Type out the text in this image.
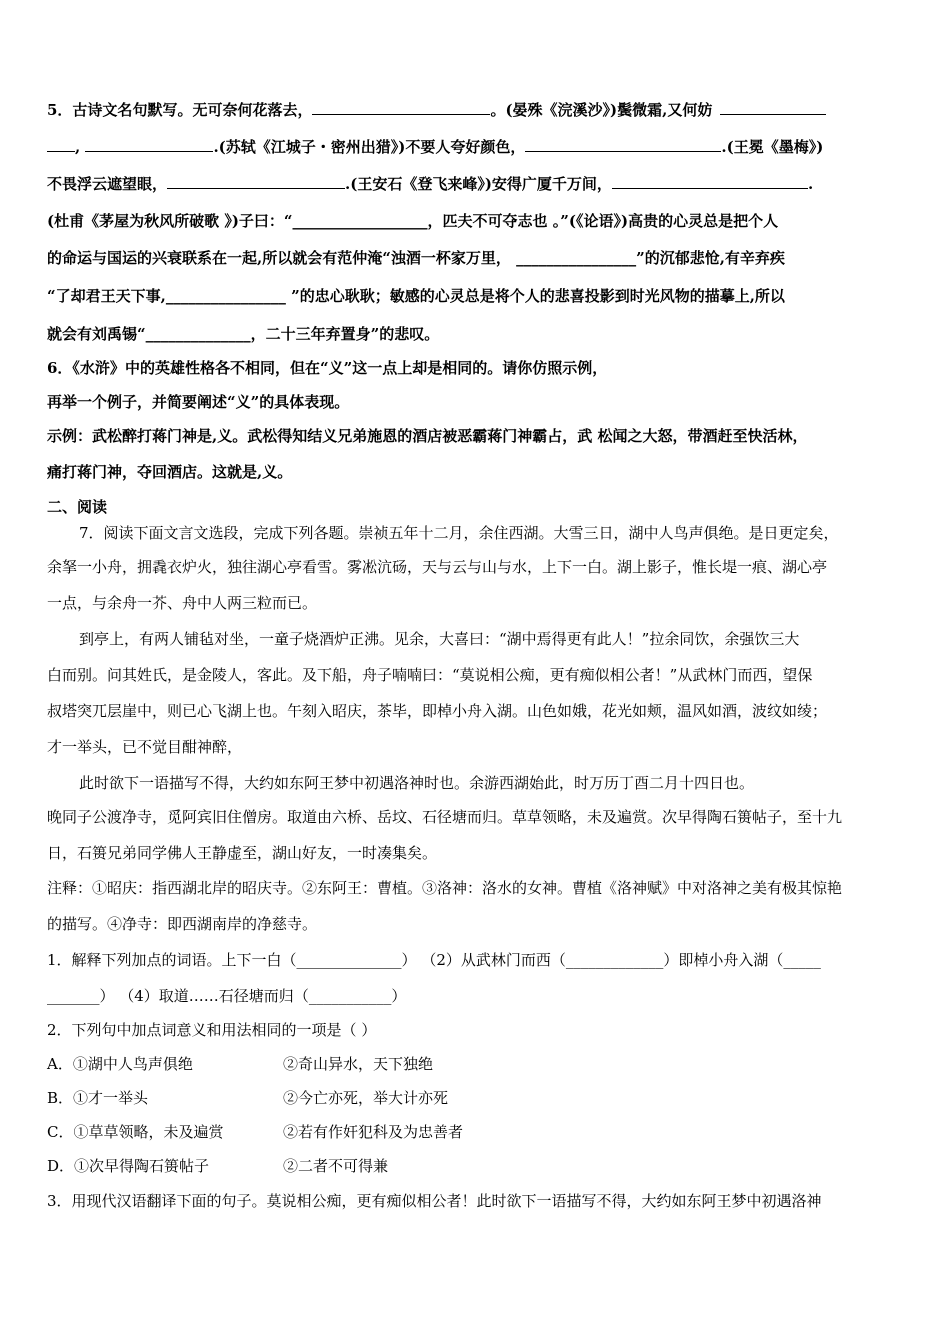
5．古诗文名句默写。无可奈何花落去，	。(晏殊《浣溪沙》)鬓微霜,又何妨
,	.(苏轼《江城子・密州出猎》)不要人夸好颜色，	.(王冕《墨梅》)
不畏浮云遮望眼，	.(王安石《登飞来峰》)安得广厦千万间，	.
(杜甫《茅屋为秋风所破歌 》)子曰：“__________________，匹夫不可夺志也 。”(《论语》)高贵的心灵总是把个人
的命运与国运的兴衰联系在一起,所以就会有范仲淹“浊酒一杯家万里， ________________”的沉郁悲怆,有辛弃疾
“了却君王天下事,________________ ”的忠心耿耿；敏感的心灵总是将个人的悲喜投影到时光风物的描摹上,所以
就会有刘禹锡“______________，二十三年弃置身”的悲叹。
6．《水浒》中的英雄性格各不相同，但在“义”这一点上却是相同的。请你仿照示例，
再举一个例子，并简要阐述“义”的具体表现。
示例：武松醉打蒋门神是,义。武松得知结义兄弟施恩的酒店被恶霸蒋门神霸占，武 松闻之大怒，带酒赶至快活林，
痛打蒋门神，夺回酒店。这就是,义。
二、阅读
7．阅读下面文言文选段，完成下列各题。崇祯五年十二月，余住西湖。大雪三日，湖中人鸟声俱绝。是日更定矣，
余拏一小舟，拥毳衣炉火，独往湖心亭看雪。雾凇沆砀，天与云与山与水，上下一白。湖上影子，惟长堤一痕、湖心亭
一点，与余舟一芥、舟中人两三粒而已。
到亭上，有两人铺毡对坐，一童子烧酒炉正沸。见余，大喜曰：“湖中焉得更有此人！”拉余同饮，余强饮三大
白而别。问其姓氏，是金陵人，客此。及下船，舟子喃喃曰：“莫说相公痴，更有痴似相公者！”从武林门而西，望保
叔塔突兀层崖中，则已心飞湖上也。午刻入昭庆，茶毕，即棹小舟入湖。山色如娥，花光如颊，温风如酒，波纹如绫；
才一举头，已不觉目酣神醉，
此时欲下一语描写不得，大约如东阿王梦中初遇洛神时也。余游西湖始此，时万历丁酉二月十四日也。
晚同子公渡净寺，觅阿宾旧住僧房。取道由六桥、岳坟、石径塘而归。草草领略，未及遍赏。次早得陶石篑帖子，至十九
日，石篑兄弟同学佛人王静虚至，湖山好友，一时凑集矣。
注释：①昭庆：指西湖北岸的昭庆寺。②东阿王：曹植。③洛神：洛水的女神。曹植《洛神赋》中对洛神之美有极其惊艳
的描写。④净寺：即西湖南岸的净慈寺。
1．解释下列加点的词语。上下一白（______________） （2）从武林门而西（_____________）即棹小舟入湖（_____
_______） （4）取道……石径塘而归（___________）
2．下列句中加点词意义和用法相同的一项是（ ）
A．①湖中人鸟声俱绝	②奇山异水，天下独绝
B．①才一举头	②今亡亦死，举大计亦死
C．①草草领略，未及遍赏	②若有作奸犯科及为忠善者
D．①次早得陶石篑帖子	②二者不可得兼
3．用现代汉语翻译下面的句子。莫说相公痴，更有痴似相公者！此时欲下一语描写不得，大约如东阿王梦中初遇洛神
